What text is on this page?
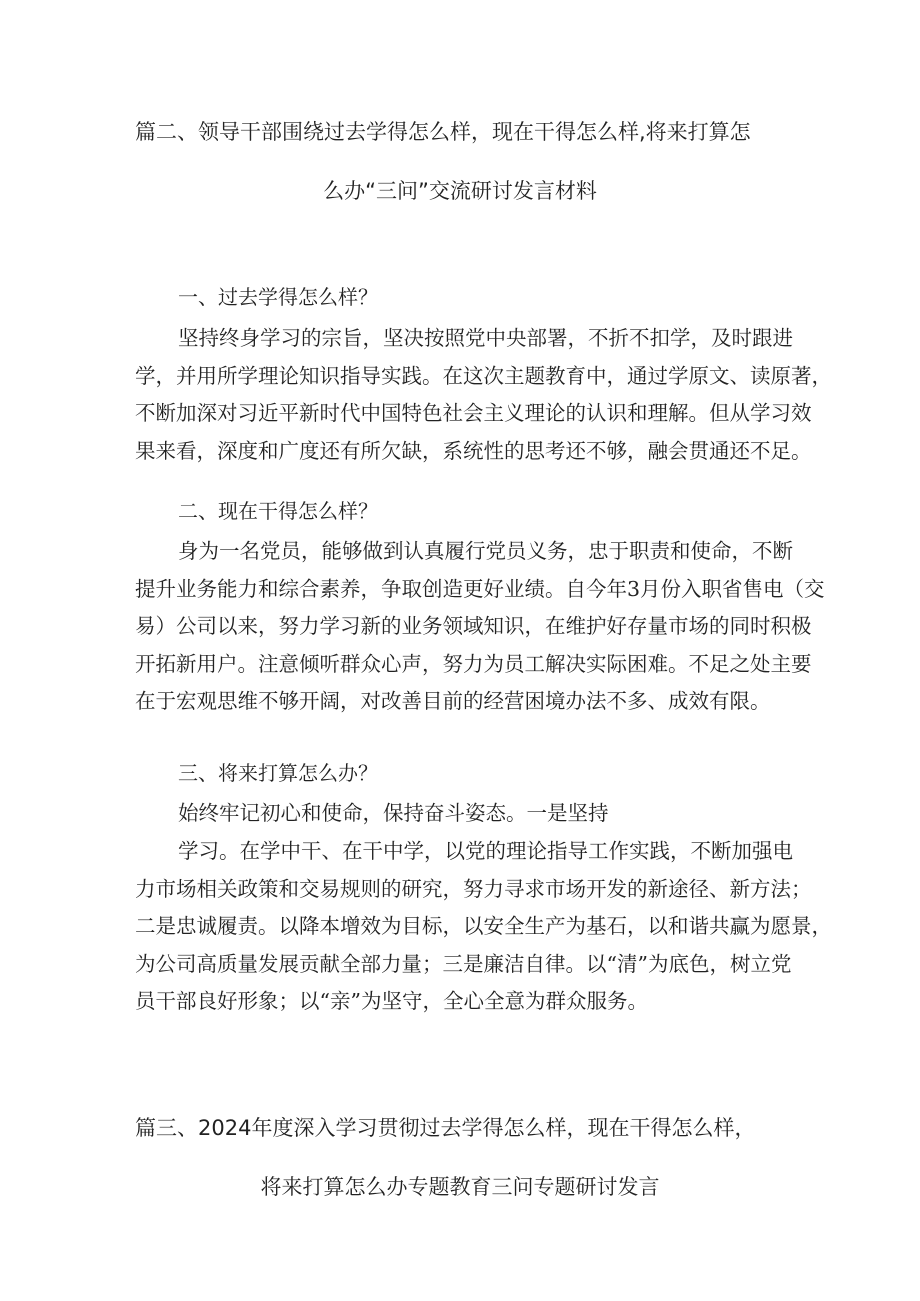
篇二、领导干部围绕过去学得怎么样，现在干得怎么样,将来打算怎
么办“三问”交流研讨发言材料
一、过去学得怎么样？
坚持终身学习的宗旨，坚决按照党中央部署，不折不扣学，及时跟进
学，并用所学理论知识指导实践。在这次主题教育中，通过学原文、读原著，
不断加深对习近平新时代中国特色社会主义理论的认识和理解。但从学习效
果来看，深度和广度还有所欠缺，系统性的思考还不够，融会贯通还不足。
二、现在干得怎么样？
身为一名党员，能够做到认真履行党员义务，忠于职责和使命，不断
提升业务能力和综合素养，争取创造更好业绩。自今年3月份入职省售电（交
易）公司以来，努力学习新的业务领域知识，在维护好存量市场的同时积极
开拓新用户。注意倾听群众心声，努力为员工解决实际困难。不足之处主要
在于宏观思维不够开阔，对改善目前的经营困境办法不多、成效有限。
三、将来打算怎么办？
始终牢记初心和使命，保持奋斗姿态。一是坚持
学习。在学中干、在干中学，以党的理论指导工作实践，不断加强电
力市场相关政策和交易规则的研究，努力寻求市场开发的新途径、新方法；
二是忠诚履责。以降本增效为目标，以安全生产为基石，以和谐共赢为愿景，
为公司高质量发展贡献全部力量；三是廉洁自律。以“清”为底色，树立党
员干部良好形象；以“亲”为坚守，全心全意为群众服务。
篇三、2024年度深入学习贯彻过去学得怎么样，现在干得怎么样，
将来打算怎么办专题教育三问专题研讨发言
